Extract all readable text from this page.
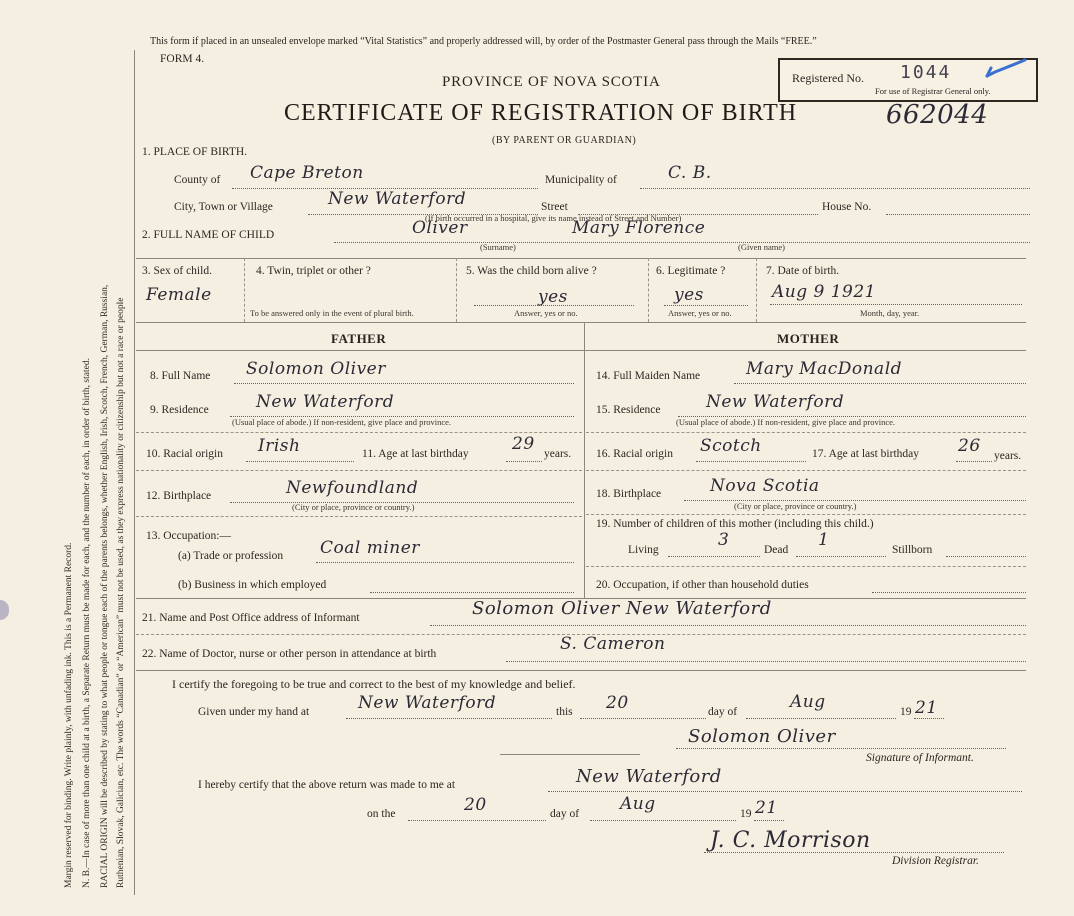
Margin reserved for binding. Write plainly, with unfading ink. This is a Permanent Record. N. B.—In case of more than one child at a birth, a Separate Return must be made for each, and the number of each, in order of birth, stated. RACIAL ORIGIN will be described by stating to what people or tongue each of the parents belongs, whether English, Irish, Scotch, French, German, Russian, Ruthenian, Slovak, Galician, etc. The words “Canadian” or “American” must not be used, as they express nationality or citizenship but not a race or people
This form if placed in an unsealed envelope marked “Vital Statistics” and properly addressed will, by order of the Postmaster General pass through the Mails “FREE.”
FORM 4.
Registered No. 1044
For use of Registrar General only.
PROVINCE OF NOVA SCOTIA
CERTIFICATE OF REGISTRATION OF BIRTH	662044
(BY PARENT OR GUARDIAN)
1. PLACE OF BIRTH.
County of Cape Breton	Municipality of	C. B.
City, Town or Village	New Waterford	Street	House No.
(If birth occurred in a hospital, give its name instead of Street and Number)
2. FULL NAME OF CHILD	Oliver	Mary Florence
(Surname)	(Given name)
3. Sex of child.
Female
4. Twin, triplet or other ?
To be answered only in the event of plural birth.
5. Was the child born alive ?
yes
Answer, yes or no.
6. Legitimate ?
yes
Answer, yes or no.
7. Date of birth.
Aug 9 1921
Month, day, year.
FATHER	MOTHER
8. Full Name Solomon Oliver
9. Residence	New Waterford
(Usual place of abode.) If non-resident, give place and province.
10. Racial origin Irish	11. Age at last birthday	29 years.
12. Birthplace	Newfoundland
(City or place, province or country.)
13. Occupation:—
(a) Trade or profession Coal miner
(b) Business in which employed
14. Full Maiden Name	Mary MacDonald
15. Residence	New Waterford
(Usual place of abode.) If non-resident, give place and province.
16. Racial origin Scotch	17. Age at last birthday 26 years.
18. Birthplace	Nova Scotia
(City or place, province or country.)
19. Number of children of this mother (including this child.)
Living	3	Dead 1	Stillborn
20. Occupation, if other than household duties
21. Name and Post Office address of Informant	Solomon Oliver New Waterford
22. Name of Doctor, nurse or other person in attendance at birth	S. Cameron
I certify the foregoing to be true and correct to the best of my knowledge and belief.
Given under my hand at	New Waterford	this 20	day of	Aug	19 21
Solomon Oliver
Signature of Informant.
I hereby certify that the above return was made to me at	New Waterford
on the	20	day of Aug	19 21
J. C. Morrison
Division Registrar.
